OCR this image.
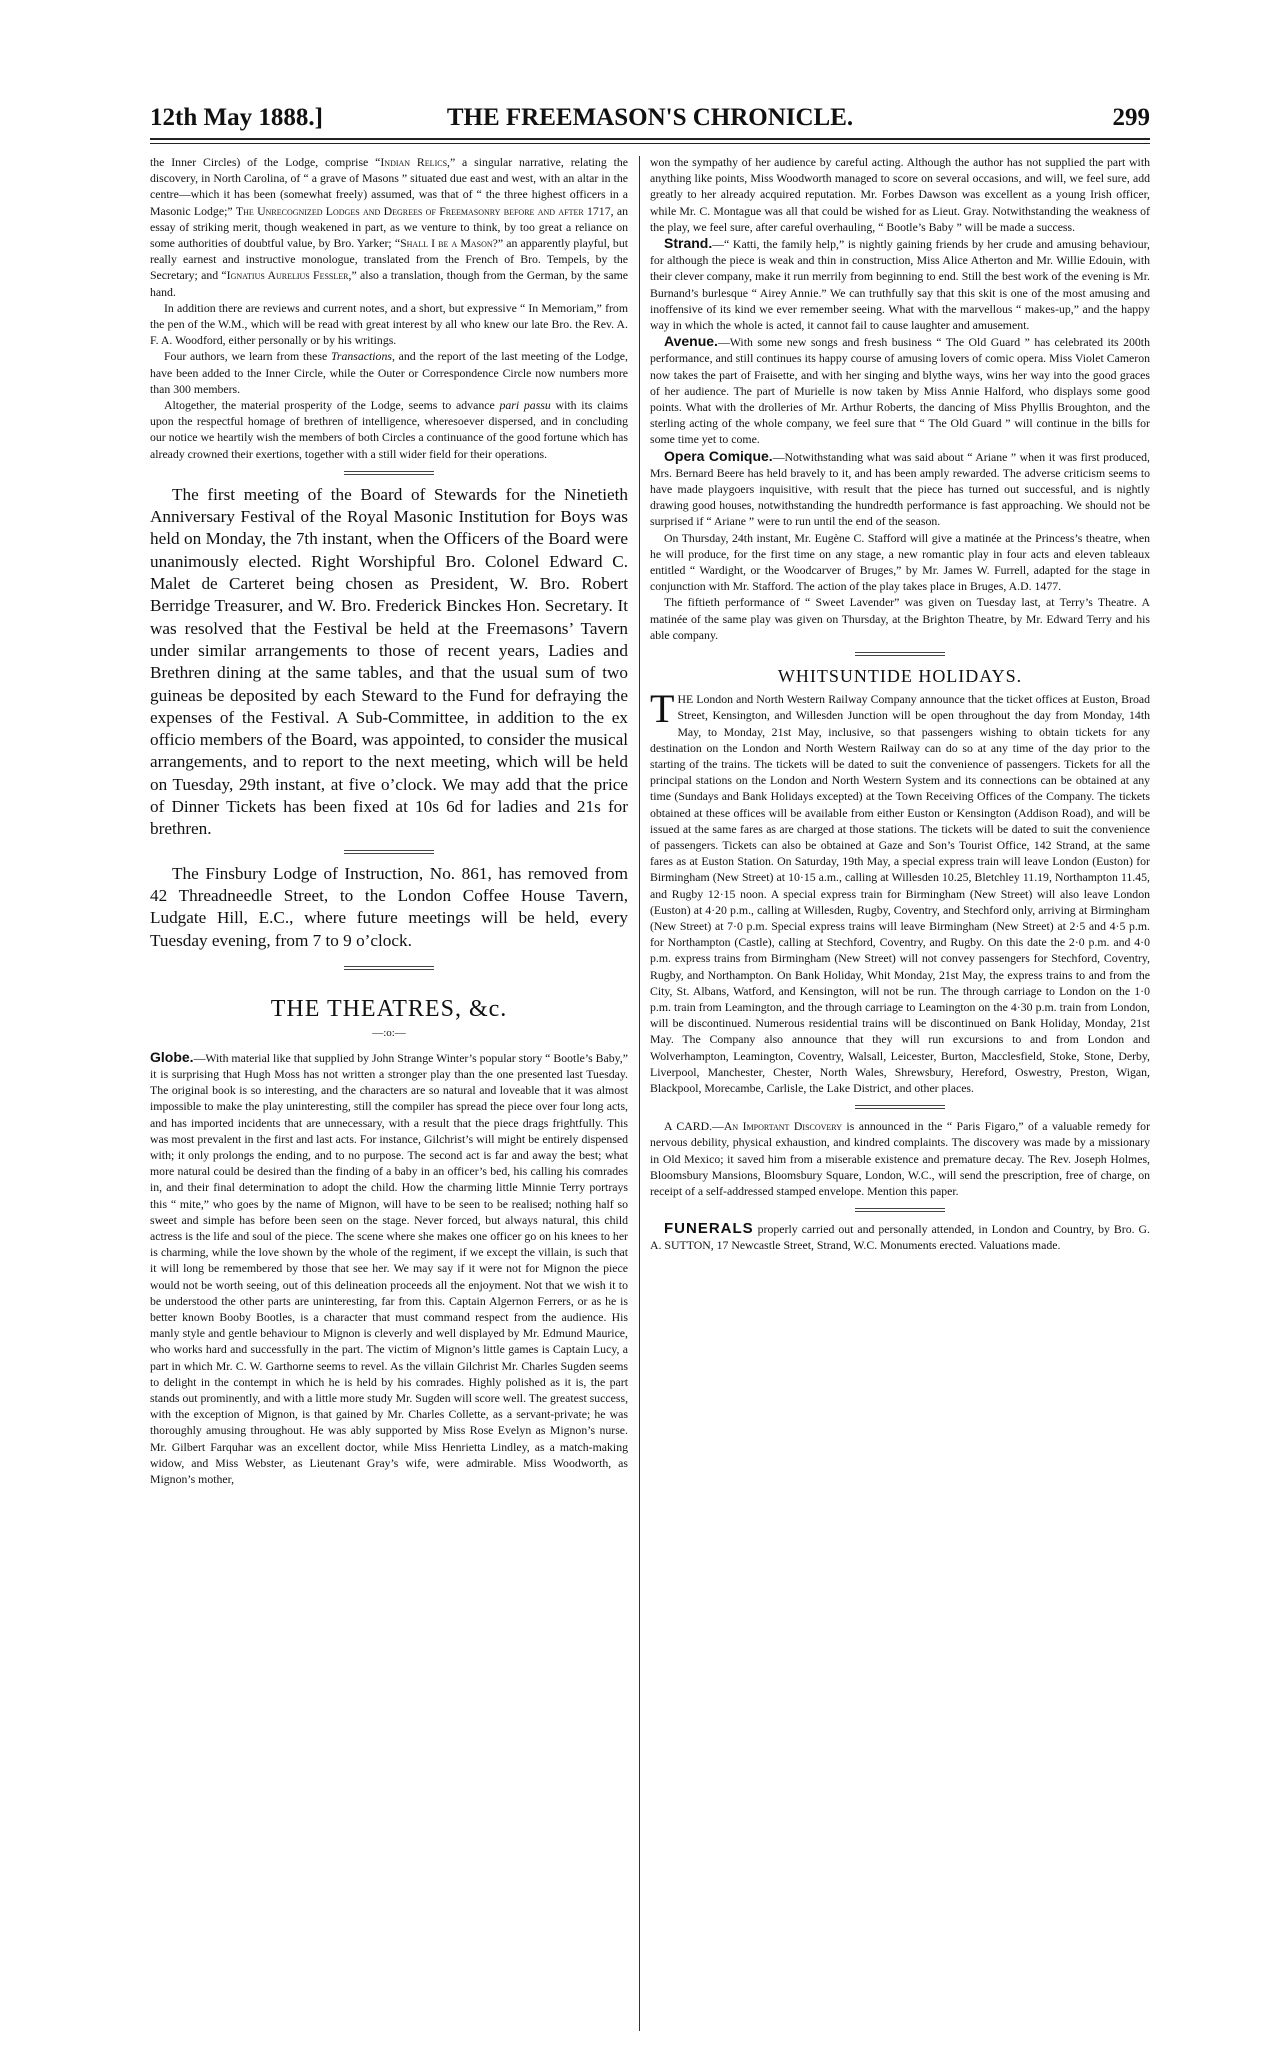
12th May 1888.]	THE FREEMASON'S CHRONICLE.	299

the Inner Circles) of the Lodge, comprise “Indian Relics,” a singular narrative, relating the discovery, in North Carolina, of “ a grave of Masons ” situated due east and west, with an altar in the centre—which it has been (somewhat freely) assumed, was that of “ the three highest officers in a Masonic Lodge;” The Unrecognized Lodges and Degrees of Freemasonry before and after 1717, an essay of striking merit, though weakened in part, as we venture to think, by too great a reliance on some authorities of doubtful value, by Bro. Yarker; “Shall I be a Mason?” an apparently playful, but really earnest and instructive monologue, translated from the French of Bro. Tempels, by the Secretary; and “Ignatius Aurelius Fessler,” also a translation, though from the German, by the same hand.

In addition there are reviews and current notes, and a short, but expressive “ In Memoriam,” from the pen of the W.M., which will be read with great interest by all who knew our late Bro. the Rev. A. F. A. Woodford, either personally or by his writings.

Four authors, we learn from these Transactions, and the report of the last meeting of the Lodge, have been added to the Inner Circle, while the Outer or Correspondence Circle now numbers more than 300 members.

Altogether, the material prosperity of the Lodge, seems to advance pari passu with its claims upon the respectful homage of brethren of intelligence, wheresoever dispersed, and in concluding our notice we heartily wish the members of both Circles a continuance of the good fortune which has already crowned their exertions, together with a still wider field for their operations.

The first meeting of the Board of Stewards for the Ninetieth Anniversary Festival of the Royal Masonic Institution for Boys was held on Monday, the 7th instant, when the Officers of the Board were unanimously elected. Right Worshipful Bro. Colonel Edward C. Malet de Carteret being chosen as President, W. Bro. Robert Berridge Treasurer, and W. Bro. Frederick Binckes Hon. Secretary. It was resolved that the Festival be held at the Freemasons’ Tavern under similar arrangements to those of recent years, Ladies and Brethren dining at the same tables, and that the usual sum of two guineas be deposited by each Steward to the Fund for defraying the expenses of the Festival. A Sub-Committee, in addition to the ex officio members of the Board, was appointed, to consider the musical arrangements, and to report to the next meeting, which will be held on Tuesday, 29th instant, at five o’clock. We may add that the price of Dinner Tickets has been fixed at 10s 6d for ladies and 21s for brethren.

The Finsbury Lodge of Instruction, No. 861, has removed from 42 Threadneedle Street, to the London Coffee House Tavern, Ludgate Hill, E.C., where future meetings will be held, every Tuesday evening, from 7 to 9 o’clock.

THE THEATRES, &c.
—:o:—

Globe.—With material like that supplied by John Strange Winter’s popular story “ Bootle’s Baby,” it is surprising that Hugh Moss has not written a stronger play than the one presented last Tuesday. The original book is so interesting, and the characters are so natural and loveable that it was almost impossible to make the play uninteresting, still the compiler has spread the piece over four long acts, and has imported incidents that are unnecessary, with a result that the piece drags frightfully. This was most prevalent in the first and last acts. For instance, Gilchrist’s will might be entirely dispensed with; it only prolongs the ending, and to no purpose. The second act is far and away the best; what more natural could be desired than the finding of a baby in an officer’s bed, his calling his comrades in, and their final determination to adopt the child. How the charming little Minnie Terry portrays this “ mite,” who goes by the name of Mignon, will have to be seen to be realised; nothing half so sweet and simple has before been seen on the stage. Never forced, but always natural, this child actress is the life and soul of the piece. The scene where she makes one officer go on his knees to her is charming, while the love shown by the whole of the regiment, if we except the villain, is such that it will long be remembered by those that see her. We may say if it were not for Mignon the piece would not be worth seeing, out of this delineation proceeds all the enjoyment. Not that we wish it to be understood the other parts are uninteresting, far from this. Captain Algernon Ferrers, or as he is better known Booby Bootles, is a character that must command respect from the audience. His manly style and gentle behaviour to Mignon is cleverly and well displayed by Mr. Edmund Maurice, who works hard and successfully in the part. The victim of Mignon’s little games is Captain Lucy, a part in which Mr. C. W. Garthorne seems to revel. As the villain Gilchrist Mr. Charles Sugden seems to delight in the contempt in which he is held by his comrades. Highly polished as it is, the part stands out prominently, and with a little more study Mr. Sugden will score well. The greatest success, with the exception of Mignon, is that gained by Mr. Charles Collette, as a servant-private; he was thoroughly amusing throughout. He was ably supported by Miss Rose Evelyn as Mignon’s nurse. Mr. Gilbert Farquhar was an excellent doctor, while Miss Henrietta Lindley, as a match-making widow, and Miss Webster, as Lieutenant Gray’s wife, were admirable. Miss Woodworth, as Mignon’s mother,

won the sympathy of her audience by careful acting. Although the author has not supplied the part with anything like points, Miss Woodworth managed to score on several occasions, and will, we feel sure, add greatly to her already acquired reputation. Mr. Forbes Dawson was excellent as a young Irish officer, while Mr. C. Montague was all that could be wished for as Lieut. Gray. Notwithstanding the weakness of the play, we feel sure, after careful overhauling, “ Bootle’s Baby ” will be made a success.

Strand.—“ Katti, the family help,” is nightly gaining friends by her crude and amusing behaviour, for although the piece is weak and thin in construction, Miss Alice Atherton and Mr. Willie Edouin, with their clever company, make it run merrily from beginning to end. Still the best work of the evening is Mr. Burnand’s burlesque “ Airey Annie.” We can truthfully say that this skit is one of the most amusing and inoffensive of its kind we ever remember seeing. What with the marvellous “ makes-up,” and the happy way in which the whole is acted, it cannot fail to cause laughter and amusement.

Avenue.—With some new songs and fresh business “ The Old Guard ” has celebrated its 200th performance, and still continues its happy course of amusing lovers of comic opera. Miss Violet Cameron now takes the part of Fraisette, and with her singing and blythe ways, wins her way into the good graces of her audience. The part of Murielle is now taken by Miss Annie Halford, who displays some good points. What with the drolleries of Mr. Arthur Roberts, the dancing of Miss Phyllis Broughton, and the sterling acting of the whole company, we feel sure that “ The Old Guard ” will continue in the bills for some time yet to come.

Opera Comique.—Notwithstanding what was said about “ Ariane ” when it was first produced, Mrs. Bernard Beere has held bravely to it, and has been amply rewarded. The adverse criticism seems to have made playgoers inquisitive, with result that the piece has turned out successful, and is nightly drawing good houses, notwithstanding the hundredth performance is fast approaching. We should not be surprised if “ Ariane ” were to run until the end of the season.

On Thursday, 24th instant, Mr. Eugène C. Stafford will give a matinée at the Princess’s theatre, when he will produce, for the first time on any stage, a new romantic play in four acts and eleven tableaux entitled “ Wardight, or the Woodcarver of Bruges,” by Mr. James W. Furrell, adapted for the stage in conjunction with Mr. Stafford. The action of the play takes place in Bruges, A.D. 1477.

The fiftieth performance of “ Sweet Lavender” was given on Tuesday last, at Terry’s Theatre. A matinée of the same play was given on Thursday, at the Brighton Theatre, by Mr. Edward Terry and his able company.

WHITSUNTIDE HOLIDAYS.

THE London and North Western Railway Company announce that the ticket offices at Euston, Broad Street, Kensington, and Willesden Junction will be open throughout the day from Monday, 14th May, to Monday, 21st May, inclusive, so that passengers wishing to obtain tickets for any destination on the London and North Western Railway can do so at any time of the day prior to the starting of the trains. The tickets will be dated to suit the convenience of passengers. Tickets for all the principal stations on the London and North Western System and its connections can be obtained at any time (Sundays and Bank Holidays excepted) at the Town Receiving Offices of the Company. The tickets obtained at these offices will be available from either Euston or Kensington (Addison Road), and will be issued at the same fares as are charged at those stations. The tickets will be dated to suit the convenience of passengers. Tickets can also be obtained at Gaze and Son’s Tourist Office, 142 Strand, at the same fares as at Euston Station. On Saturday, 19th May, a special express train will leave London (Euston) for Birmingham (New Street) at 10·15 a.m., calling at Willesden 10.25, Bletchley 11.19, Northampton 11.45, and Rugby 12·15 noon. A special express train for Birmingham (New Street) will also leave London (Euston) at 4·20 p.m., calling at Willesden, Rugby, Coventry, and Stechford only, arriving at Birmingham (New Street) at 7·0 p.m. Special express trains will leave Birmingham (New Street) at 2·5 and 4·5 p.m. for Northampton (Castle), calling at Stechford, Coventry, and Rugby. On this date the 2·0 p.m. and 4·0 p.m. express trains from Birmingham (New Street) will not convey passengers for Stechford, Coventry, Rugby, and Northampton. On Bank Holiday, Whit Monday, 21st May, the express trains to and from the City, St. Albans, Watford, and Kensington, will not be run. The through carriage to London on the 1·0 p.m. train from Leamington, and the through carriage to Leamington on the 4·30 p.m. train from London, will be discontinued. Numerous residential trains will be discontinued on Bank Holiday, Monday, 21st May. The Company also announce that they will run excursions to and from London and Wolverhampton, Leamington, Coventry, Walsall, Leicester, Burton, Macclesfield, Stoke, Stone, Derby, Liverpool, Manchester, Chester, North Wales, Shrewsbury, Hereford, Oswestry, Preston, Wigan, Blackpool, Morecambe, Carlisle, the Lake District, and other places.

A CARD.—An Important Discovery is announced in the “ Paris Figaro,” of a valuable remedy for nervous debility, physical exhaustion, and kindred complaints. The discovery was made by a missionary in Old Mexico; it saved him from a miserable existence and premature decay. The Rev. Joseph Holmes, Bloomsbury Mansions, Bloomsbury Square, London, W.C., will send the prescription, free of charge, on receipt of a self-addressed stamped envelope. Mention this paper.

FUNERALS properly carried out and personally attended, in London and Country, by Bro. G. A. SUTTON, 17 Newcastle Street, Strand, W.C. Monuments erected. Valuations made.
